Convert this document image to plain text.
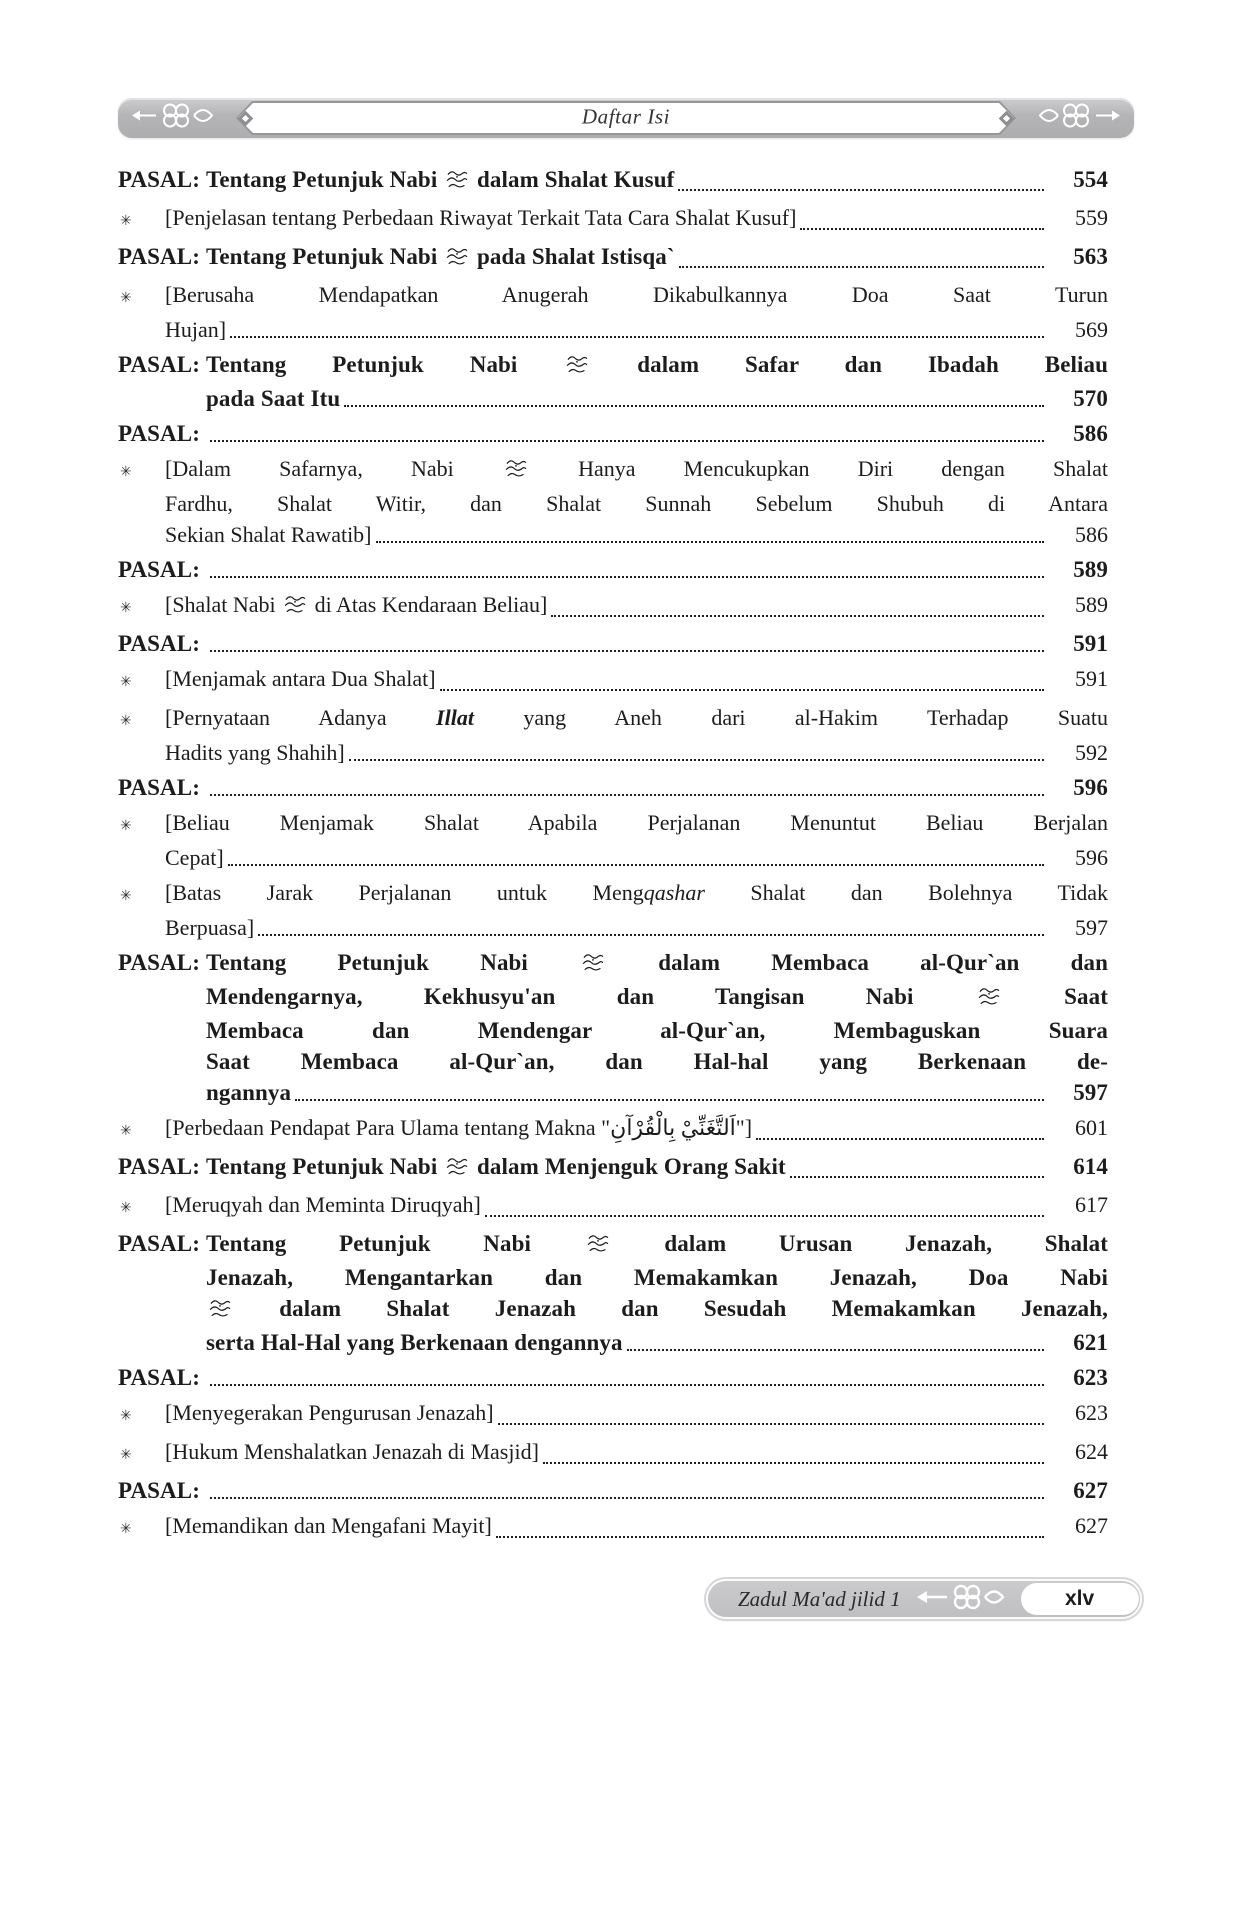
Daftar Isi
PASAL: Tentang Petunjuk Nabi  dalam Shalat Kusuf	554
✳	[Penjelasan tentang Perbedaan Riwayat Terkait Tata Cara Shalat Kusuf]	559
PASAL: Tentang Petunjuk Nabi  pada Shalat Istisqa`	563
✳	[Berusaha Mendapatkan Anugerah Dikabulkannya Doa Saat Turun
Hujan]	569
PASAL: Tentang Petunjuk Nabi  dalam Safar dan Ibadah Beliau
pada Saat Itu	570
PASAL:	586
✳	[Dalam Safarnya, Nabi  Hanya Mencukupkan Diri dengan Shalat
Fardhu, Shalat Witir, dan Shalat Sunnah Sebelum Shubuh di Antara
Sekian Shalat Rawatib]	586
PASAL:	589
✳	[Shalat Nabi  di Atas Kendaraan Beliau]	589
PASAL:	591
✳	[Menjamak antara Dua Shalat]	591
✳	[Pernyataan Adanya Illat yang Aneh dari al-Hakim Terhadap Suatu
Hadits yang Shahih]	592
PASAL:	596
✳	[Beliau Menjamak Shalat Apabila Perjalanan Menuntut Beliau Berjalan
Cepat]	596
✳	[Batas Jarak Perjalanan untuk Mengqashar Shalat dan Bolehnya Tidak
Berpuasa]	597
PASAL: Tentang Petunjuk Nabi  dalam Membaca al-Qur`an dan
Mendengarnya, Kekhusyu'an dan Tangisan Nabi  Saat
Membaca dan Mendengar al-Qur`an, Membaguskan Suara
Saat Membaca al-Qur`an, dan Hal-hal yang Berkenaan de-
ngannya	597
✳	[Perbedaan Pendapat Para Ulama tentang Makna "اَلتَّغَنِّيْ بِالْقُرْآنِ"]	601
PASAL: Tentang Petunjuk Nabi  dalam Menjenguk Orang Sakit	614
✳	[Meruqyah dan Meminta Diruqyah]	617
PASAL: Tentang Petunjuk Nabi  dalam Urusan Jenazah, Shalat
Jenazah, Mengantarkan dan Memakamkan Jenazah, Doa Nabi
dalam Shalat Jenazah dan Sesudah Memakamkan Jenazah,
serta Hal-Hal yang Berkenaan dengannya	621
PASAL:	623
✳	[Menyegerakan Pengurusan Jenazah]	623
✳	[Hukum Menshalatkan Jenazah di Masjid]	624
PASAL:	627
✳	[Memandikan dan Mengafani Mayit]	627
Zadul Ma'ad jilid 1	xlv
